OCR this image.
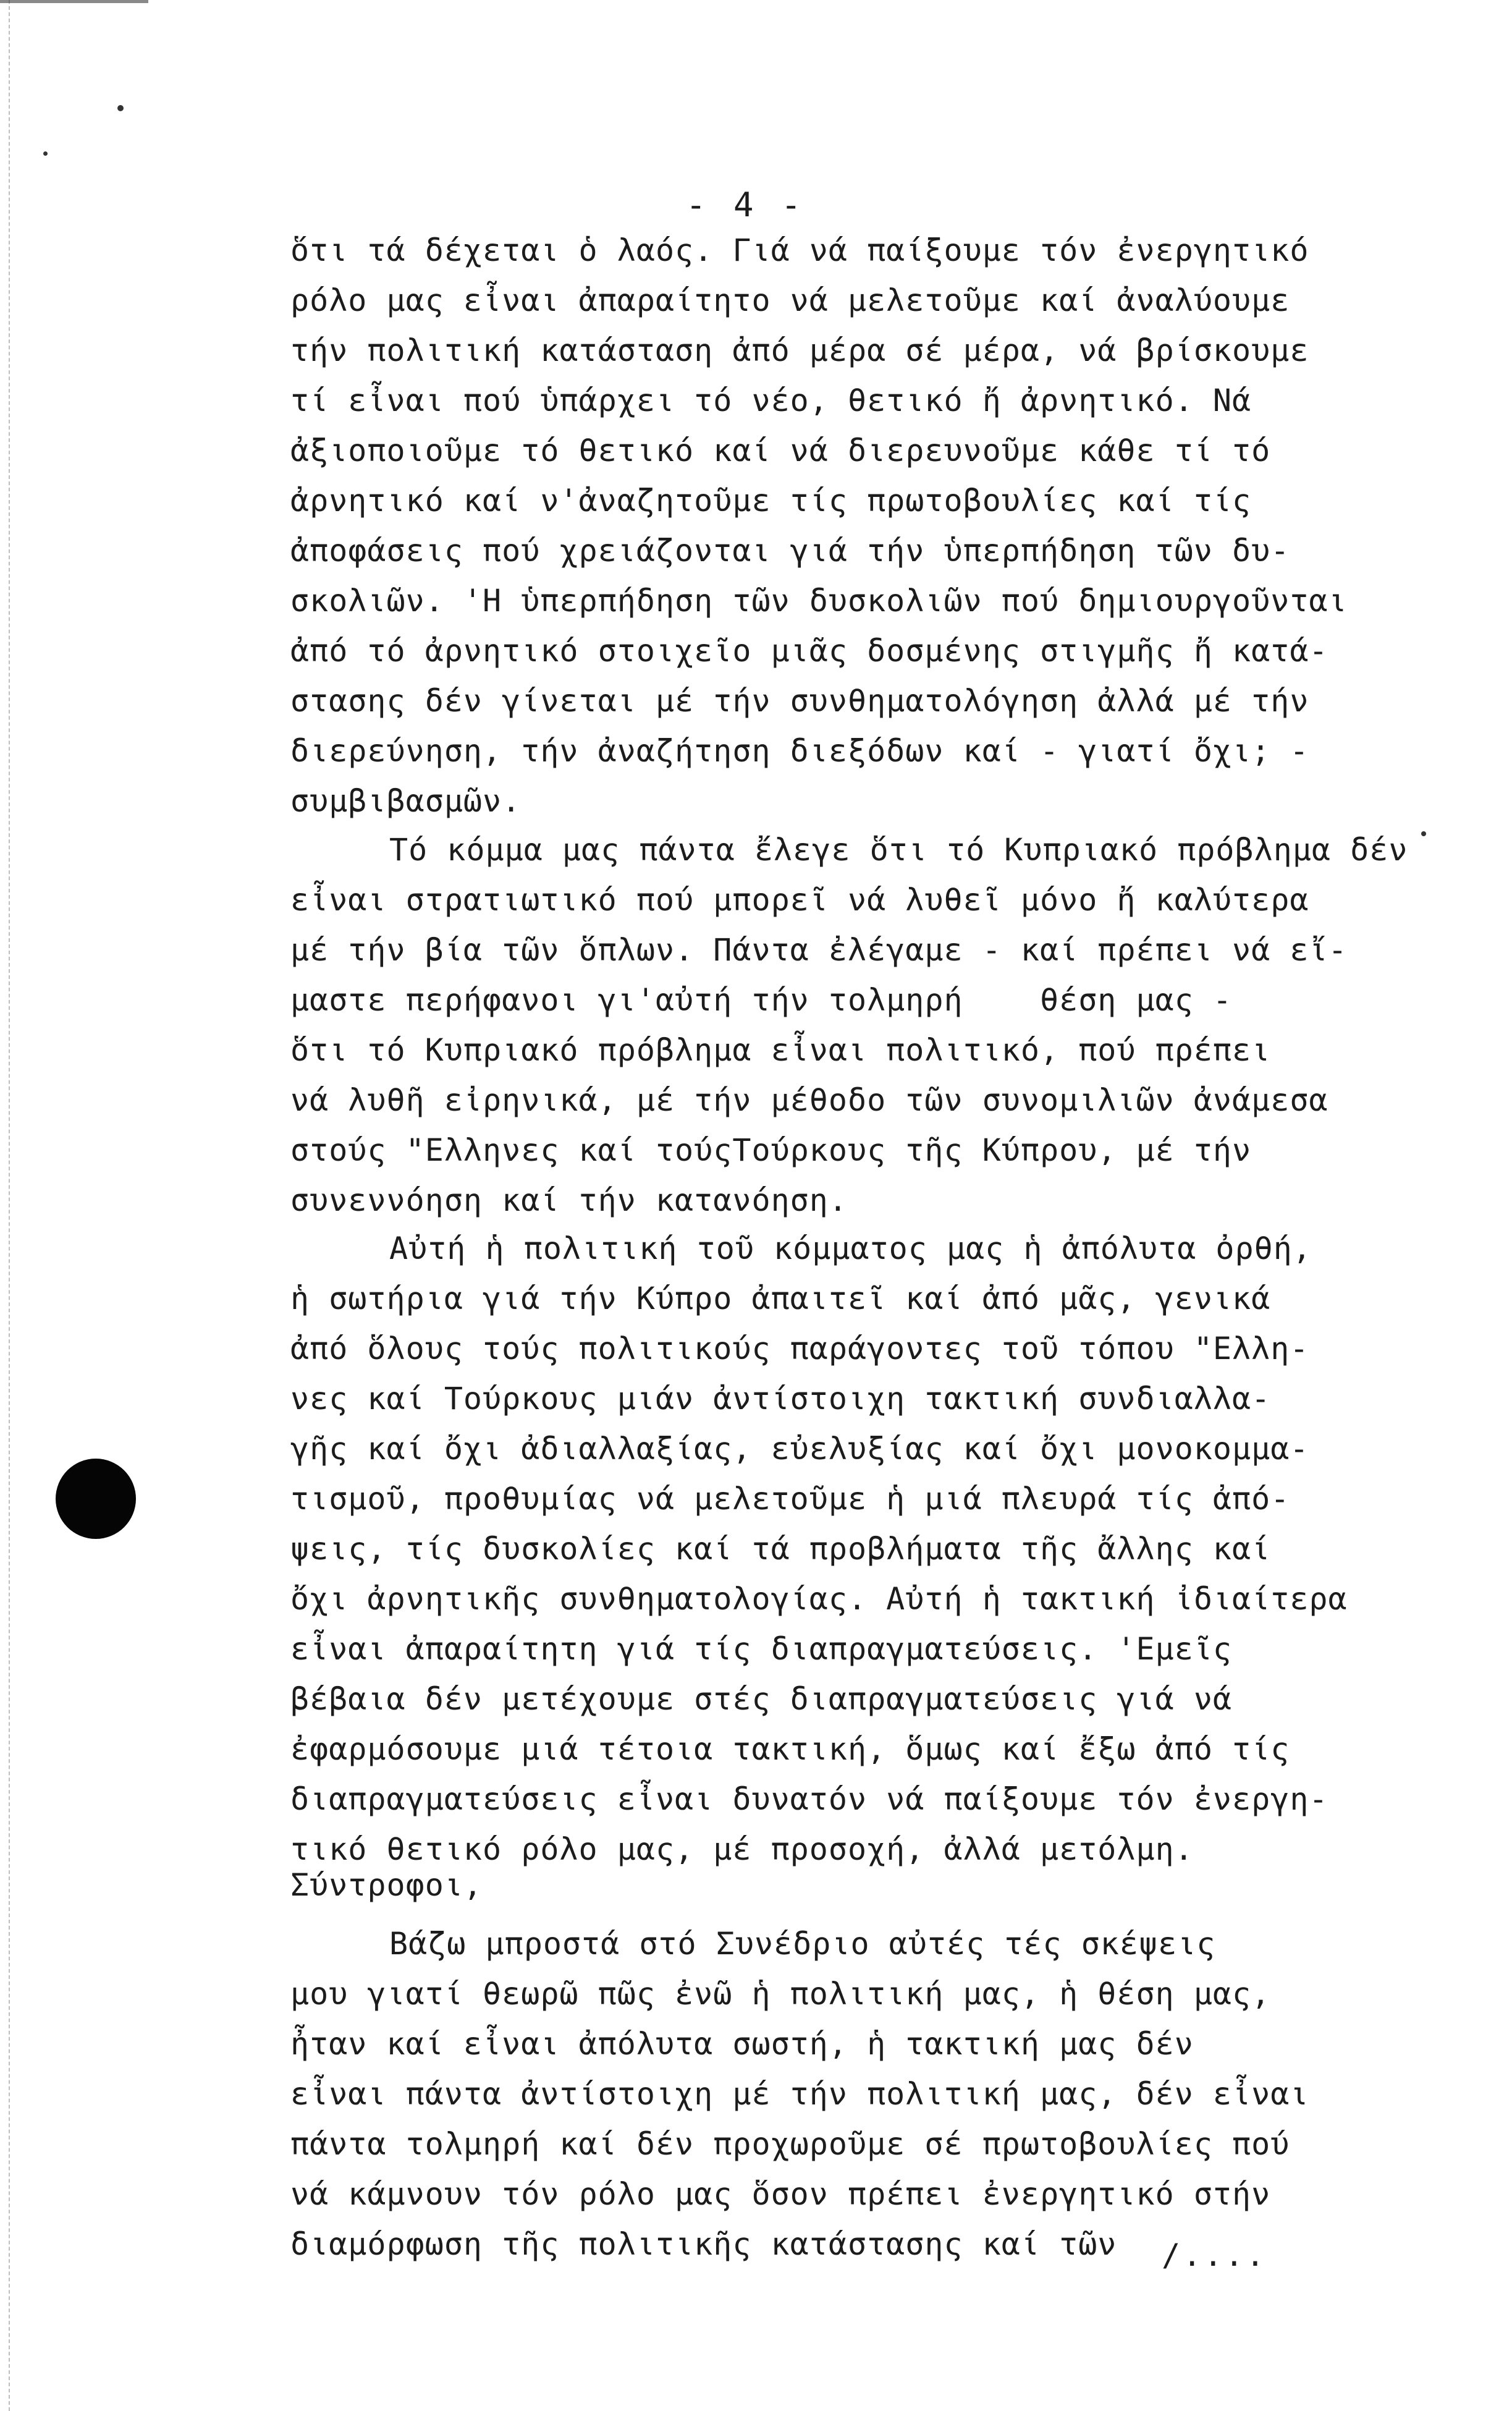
- 4 -
ὅτι τά δέχεται ὁ λαός. Γιά νά παίξουμε τόν ἐνεργητικό
ρόλο μας εἶναι ἀπαραίτητο νά μελετοῦμε καί ἀναλύουμε
τήν πολιτική κατάσταση ἀπό μέρα σέ μέρα, νά βρίσκουμε
τί εἶναι πού ὑπάρχει τό νέο, θετικό ἤ ἀρνητικό. Νά
ἀξιοποιοῦμε τό θετικό καί νά διερευνοῦμε κάθε τί τό
ἀρνητικό καί ν'ἀναζητοῦμε τίς πρωτοβουλίες καί τίς
ἀποφάσεις πού χρειάζονται γιά τήν ὑπερπήδηση τῶν δυ-
σκολιῶν. 'Η ὑπερπήδηση τῶν δυσκολιῶν πού δημιουργοῦνται
ἀπό τό ἀρνητικό στοιχεῖο μιᾶς δοσμένης στιγμῆς ἤ κατά-
στασης δέν γίνεται μέ τήν συνθηματολόγηση ἀλλά μέ τήν
διερεύνηση, τήν ἀναζήτηση διεξόδων καί - γιατί ὄχι; -
συμβιβασμῶν.
Τό κόμμα μας πάντα ἔλεγε ὅτι τό Κυπριακό πρόβλημα δέν
εἶναι στρατιωτικό πού μπορεῖ νά λυθεῖ μόνο ἤ καλύτερα
μέ τήν βία τῶν ὅπλων. Πάντα ἐλέγαμε - καί πρέπει νά εἴ-
μαστε περήφανοι γι'αὐτή τήν τολμηρή    θέση μας -
ὅτι τό Κυπριακό πρόβλημα εἶναι πολιτικό, πού πρέπει
νά λυθῆ εἰρηνικά, μέ τήν μέθοδο τῶν συνομιλιῶν ἀνάμεσα
στούς "Ελληνες καί τούςΤούρκους τῆς Κύπρου, μέ τήν
συνεννόηση καί τήν κατανόηση.
Αὐτή ἡ πολιτική τοῦ κόμματος μας ἡ ἀπόλυτα ὀρθή,
ἡ σωτήρια γιά τήν Κύπρο ἀπαιτεῖ καί ἀπό μᾶς, γενικά
ἀπό ὅλους τούς πολιτικούς παράγοντες τοῦ τόπου "Ελλη-
νες καί Τούρκους μιάν ἀντίστοιχη τακτική συνδιαλλα-
γῆς καί ὄχι ἀδιαλλαξίας, εὐελυξίας καί ὄχι μονοκομμα-
τισμοῦ, προθυμίας νά μελετοῦμε ἡ μιά πλευρά τίς ἀπό-
ψεις, τίς δυσκολίες καί τά προβλήματα τῆς ἄλλης καί
ὄχι ἀρνητικῆς συνθηματολογίας. Αὐτή ἡ τακτική ἰδιαίτερα
εἶναι ἀπαραίτητη γιά τίς διαπραγματεύσεις. 'Εμεῖς
βέβαια δέν μετέχουμε στές διαπραγματεύσεις γιά νά
ἐφαρμόσουμε μιά τέτοια τακτική, ὅμως καί ἔξω ἀπό τίς
διαπραγματεύσεις εἶναι δυνατόν νά παίξουμε τόν ἐνεργη-
τικό θετικό ρόλο μας, μέ προσοχή, ἀλλά μετόλμη.
Σύντροφοι,
Βάζω μπροστά στό Συνέδριο αὐτές τές σκέψεις
μου γιατί θεωρῶ πῶς ἐνῶ ἡ πολιτική μας, ἡ θέση μας,
ἦταν καί εἶναι ἀπόλυτα σωστή, ἡ τακτική μας δέν
εἶναι πάντα ἀντίστοιχη μέ τήν πολιτική μας, δέν εἶναι
πάντα τολμηρή καί δέν προχωροῦμε σέ πρωτοβουλίες πού
νά κάμνουν τόν ρόλο μας ὅσον πρέπει ἐνεργητικό στήν
διαμόρφωση τῆς πολιτικῆς κατάστασης καί τῶν	/....
